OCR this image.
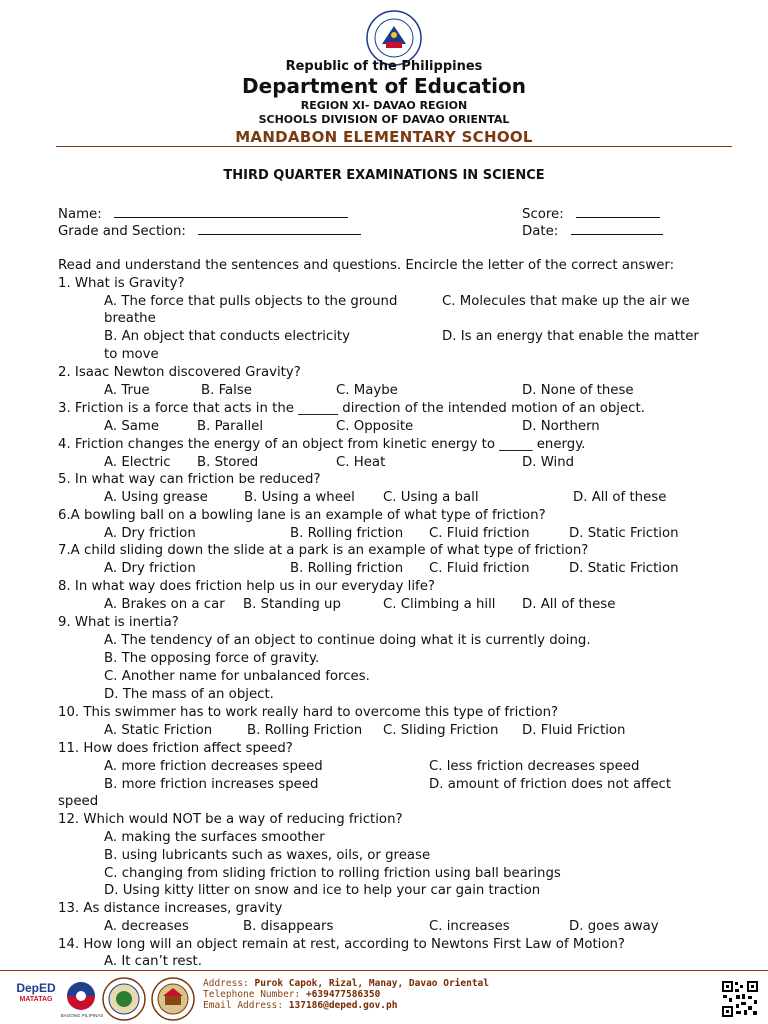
Republic of the Philippines
Department of Education
REGION XI- DAVAO REGION
SCHOOLS DIVISION OF DAVAO ORIENTAL
MANDABON ELEMENTARY SCHOOL
THIRD QUARTER EXAMINATIONS IN SCIENCE
Name:
Grade and Section:
Score:
Date:
Read and understand the sentences and questions. Encircle the letter of the correct answer:
1. What is Gravity?
A. The force that pulls objects to the ground	C. Molecules that make up the air we
breathe
B. An object that conducts electricity	D. Is an energy that enable the matter
to move
2. Isaac Newton discovered Gravity?
A. True	B. False	C. Maybe	D. None of these
3. Friction is a force that acts in the ______ direction of the intended motion of an object.
A. Same	B. Parallel	C. Opposite	D. Northern
4. Friction changes the energy of an object from kinetic energy to _____ energy.
A. Electric B. Stored	C. Heat	D. Wind
5. In what way can friction be reduced?
A. Using grease	B. Using a wheel C. Using a ball	D. All of these
6.A bowling ball on a bowling lane is an example of what type of friction?
A. Dry friction	B. Rolling friction C. Fluid friction	D. Static Friction
7.A child sliding down the slide at a park is an example of what type of friction?
A. Dry friction	B. Rolling friction C. Fluid friction	D. Static Friction
8. In what way does friction help us in our everyday life?
A. Brakes on a car B. Standing up	C. Climbing a hill D. All of these
9. What is inertia?
A. The tendency of an object to continue doing what it is currently doing.
B. The opposing force of gravity.
C. Another name for unbalanced forces.
D. The mass of an object.
10. This swimmer has to work really hard to overcome this type of friction?
A. Static Friction	B. Rolling Friction C. Sliding Friction D. Fluid Friction
11. How does friction affect speed?
A. more friction decreases speed	C. less friction decreases speed
B. more friction increases speed	D. amount of friction does not affect
speed
12. Which would NOT be a way of reducing friction?
A. making the surfaces smoother
B. using lubricants such as waxes, oils, or grease
C. changing from sliding friction to rolling friction using ball bearings
D. Using kitty litter on snow and ice to help your car gain traction
13. As distance increases, gravity
A. decreases	B. disappears	C. increases	D. goes away
14. How long will an object remain at rest, according to Newtons First Law of Motion?
A. It can’t rest.
DepED
MATATAG
BAGONG PILIPINAS
Address: Purok Capok, Rizal, Manay, Davao Oriental
Telephone Number: +639477586350
Email Address: 137186@deped.gov.ph
